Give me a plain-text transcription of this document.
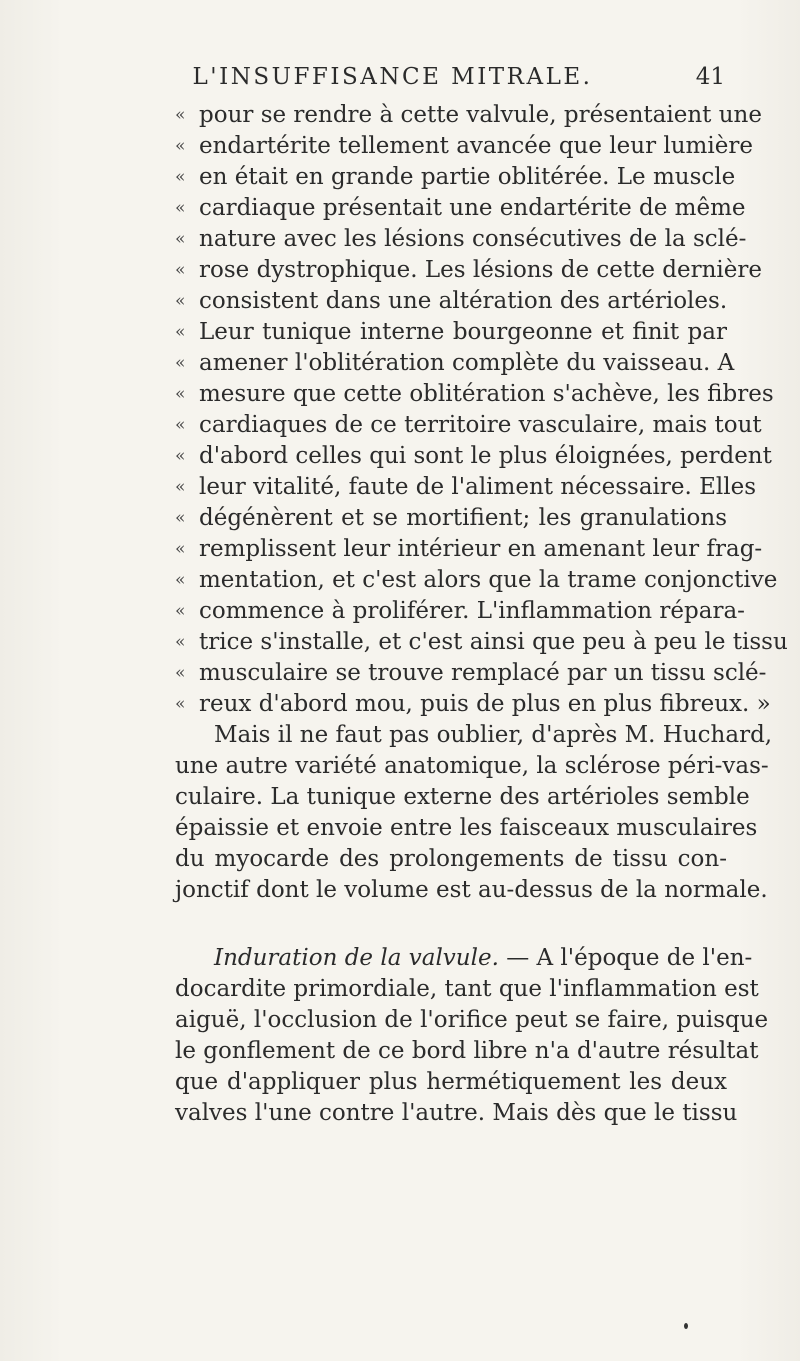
L'INSUFFISANCE MITRALE.	41
« pour se rendre à cette valvule, présentaient une
« endartérite tellement avancée que leur lumière
« en était en grande partie oblitérée. Le muscle
« cardiaque présentait une endartérite de même
« nature avec les lésions consécutives de la sclé-
« rose dystrophique. Les lésions de cette dernière
« consistent dans une altération des artérioles.
« Leur tunique interne bourgeonne et finit par
« amener l'oblitération complète du vaisseau. A
« mesure que cette oblitération s'achève, les fibres
« cardiaques de ce territoire vasculaire, mais tout
« d'abord celles qui sont le plus éloignées, perdent
« leur vitalité, faute de l'aliment nécessaire. Elles
« dégénèrent et se mortifient; les granulations
« remplissent leur intérieur en amenant leur frag-
« mentation, et c'est alors que la trame conjonctive
« commence à proliférer. L'inflammation répara-
« trice s'installe, et c'est ainsi que peu à peu le tissu
« musculaire se trouve remplacé par un tissu sclé-
« reux d'abord mou, puis de plus en plus fibreux. »
Mais il ne faut pas oublier, d'après M. Huchard,
une autre variété anatomique, la sclérose péri-vas-
culaire. La tunique externe des artérioles semble
épaissie et envoie entre les faisceaux musculaires
du myocarde des prolongements de tissu con-
jonctif dont le volume est au-dessus de la normale.
Induration de la valvule. — A l'époque de l'en-
docardite primordiale, tant que l'inflammation est
aiguë, l'occlusion de l'orifice peut se faire, puisque
le gonflement de ce bord libre n'a d'autre résultat
que d'appliquer plus hermétiquement les deux
valves l'une contre l'autre. Mais dès que le tissu
